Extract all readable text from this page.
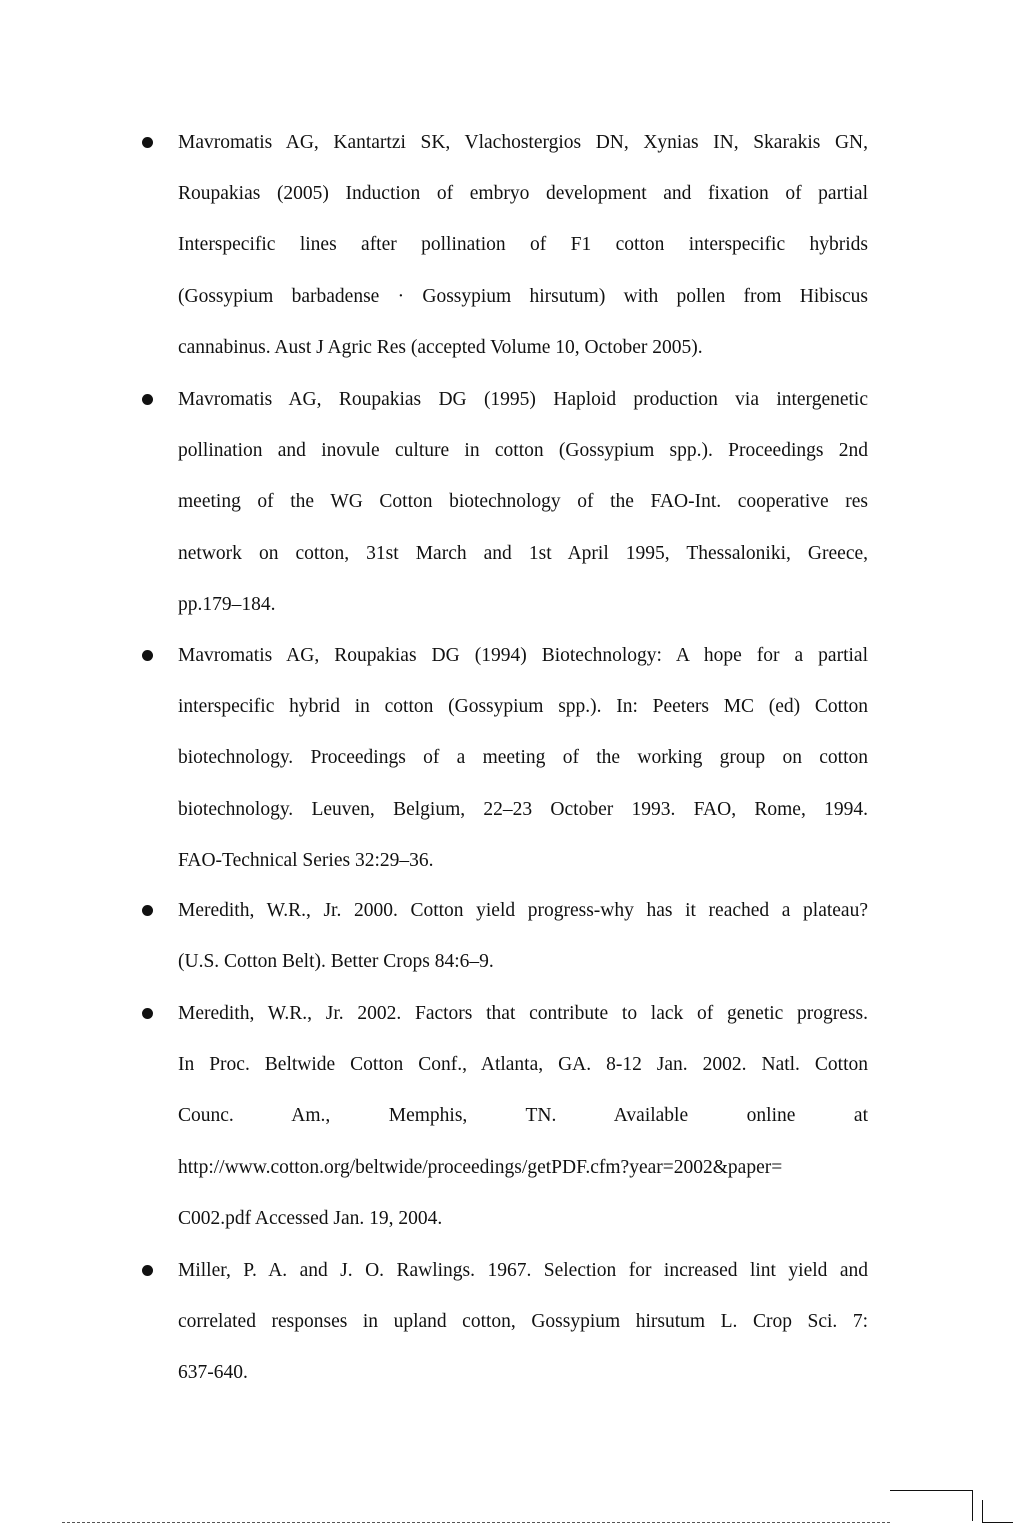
Mavromatis AG, Kantartzi SK, Vlachostergios DN, Xynias IN, Skarakis GN,
Roupakias (2005) Induction of embryo development and fixation of partial
Interspecific lines after pollination of F1 cotton interspecific hybrids
(Gossypium barbadense · Gossypium hirsutum) with pollen from Hibiscus
cannabinus. Aust J Agric Res (accepted Volume 10, October 2005).
Mavromatis AG, Roupakias DG (1995) Haploid production via intergenetic
pollination and inovule culture in cotton (Gossypium spp.). Proceedings 2nd
meeting of the WG Cotton biotechnology of the FAO-Int. cooperative res
network on cotton, 31st March and 1st April 1995, Thessaloniki, Greece,
pp.179–184.
Mavromatis AG, Roupakias DG (1994) Biotechnology: A hope for a partial
interspecific hybrid in cotton (Gossypium spp.). In: Peeters MC (ed) Cotton
biotechnology. Proceedings of a meeting of the working group on cotton
biotechnology. Leuven, Belgium, 22–23 October 1993. FAO, Rome, 1994.
FAO-Technical Series 32:29–36.
Meredith, W.R., Jr. 2000. Cotton yield progress-why has it reached a plateau?
(U.S. Cotton Belt). Better Crops 84:6–9.
Meredith, W.R., Jr. 2002. Factors that contribute to lack of genetic progress.
In Proc. Beltwide Cotton Conf., Atlanta, GA. 8-12 Jan. 2002. Natl. Cotton
Counc. Am., Memphis, TN. Available online at
http://www.cotton.org/beltwide/proceedings/getPDF.cfm?year=2002&paper=
C002.pdf Accessed Jan. 19, 2004.
Miller, P. A. and J. O. Rawlings. 1967. Selection for increased lint yield and
correlated responses in upland cotton, Gossypium hirsutum L. Crop Sci. 7:
637-640.
